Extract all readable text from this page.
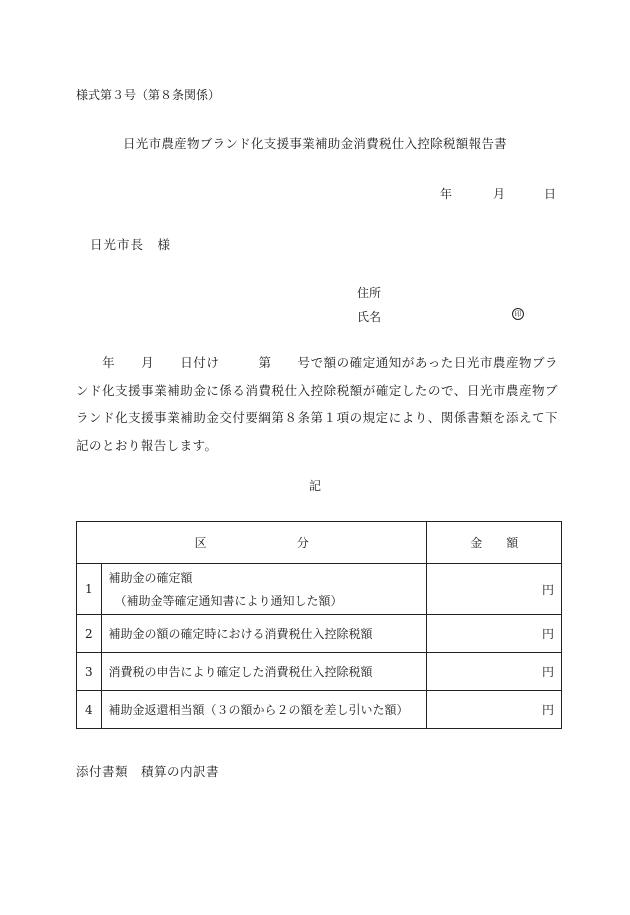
様式第３号（第８条関係）
日光市農産物ブランド化支援事業補助金消費税仕入控除税額報告書
年	月	日
日光市長　様
住所
氏名	印
　　年　　月　　日付け　　　第　　号で額の確定通知があった日光市農産物ブランド化支援事業補助金に係る消費税仕入控除税額が確定したので、日光市農産物ブランド化支援事業補助金交付要綱第８条第１項の規定により、関係書類を添えて下記のとおり報告します。
記
区 分		金　　額
1	補助金の確定額
（補助金等確定通知書により通知した額）	円
2	補助金の額の確定時における消費税仕入控除税額	円
3	消費税の申告により確定した消費税仕入控除税額	円
4	補助金返還相当額（３の額から２の額を差し引いた額）	円
添付書類　積算の内訳書
